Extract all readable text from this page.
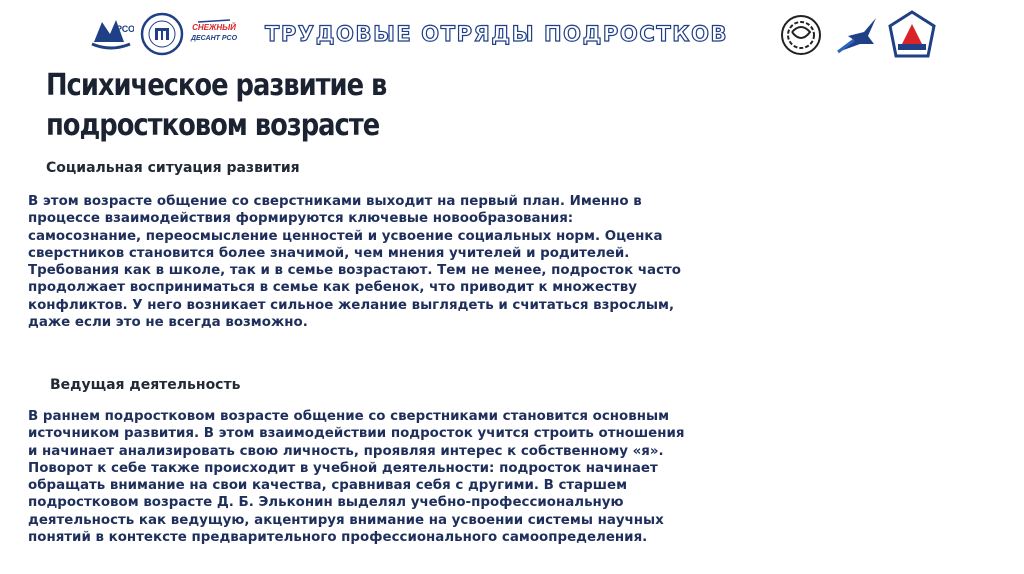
РСО	СНЕЖНЫЙ
ДЕСАНТ РСО ТРУДОВЫЕ ОТРЯДЫ ПОДРОСТКОВ
Психическое развитие в
подростковом возрасте
Социальная ситуация развития
В этом возрасте общение со сверстниками выходит на первый план. Именно в
процессе взаимодействия формируются ключевые новообразования:
самосознание, переосмысление ценностей и усвоение социальных норм. Оценка
сверстников становится более значимой, чем мнения учителей и родителей.
Требования как в школе, так и в семье возрастают. Тем не менее, подросток часто
продолжает восприниматься в семье как ребенок, что приводит к множеству
конфликтов. У него возникает сильное желание выглядеть и считаться взрослым,
даже если это не всегда возможно.
Ведущая деятельность
В раннем подростковом возрасте общение со сверстниками становится основным
источником развития. В этом взаимодействии подросток учится строить отношения
и начинает анализировать свою личность, проявляя интерес к собственному «я».
Поворот к себе также происходит в учебной деятельности: подросток начинает
обращать внимание на свои качества, сравнивая себя с другими. В старшем
подростковом возрасте Д. Б. Эльконин выделял учебно-профессиональную
деятельность как ведущую, акцентируя внимание на усвоении системы научных
понятий в контексте предварительного профессионального самоопределения.
